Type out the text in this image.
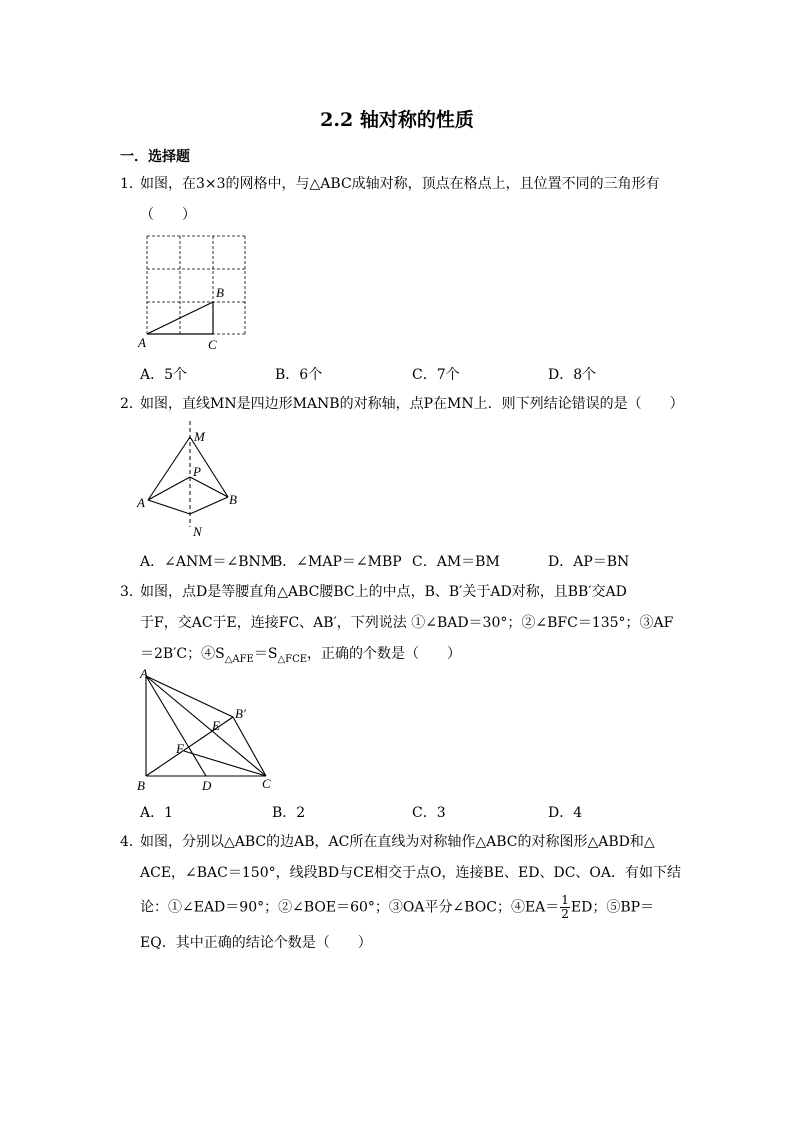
2.2 轴对称的性质
一．选择题
1．
如图，在3×3的网格中，与△ABC成轴对称，顶点在格点上，且位置不同的三角形有
（　　）
B
A	C
A．5个	B．6个	C．7个	D．8个
2．
如图，直线MN是四边形MANB的对称轴，点P在MN上．则下列结论错误的是（　　）
M
P
A	B
N
A．∠ANM＝∠BNM
B．∠MAP＝∠MBP C．AM＝BM	D．AP＝BN
3．
如图，点D是等腰直角△ABC腰BC上的中点，B、B′关于AD对称，且BB′交AD
于F，交AC于E，连接FC、AB′，下列说法 ①∠BAD＝30°；②∠BFC＝135°；③AF
＝2B′C；$④S_{\triangle AFE}=S_{\triangle FCE}$，正确的个数是（　　）
A
B′
E
F
B	D	C
A．1	B．2	C．3	D．4
4．
如图，分别以△ABC的边AB，AC所在直线为对称轴作△ABC的对称图形△ABD和△
ACE，∠BAC＝150°，线段BD与CE相交于点O，连接BE、ED、DC、OA．有如下结
论：①∠EAD＝90°；②∠BOE＝60°；③OA平分∠BOC；④EA＝ $\frac{1}{2}$ ED；⑤BP＝
EQ．其中正确的结论个数是（　　）
